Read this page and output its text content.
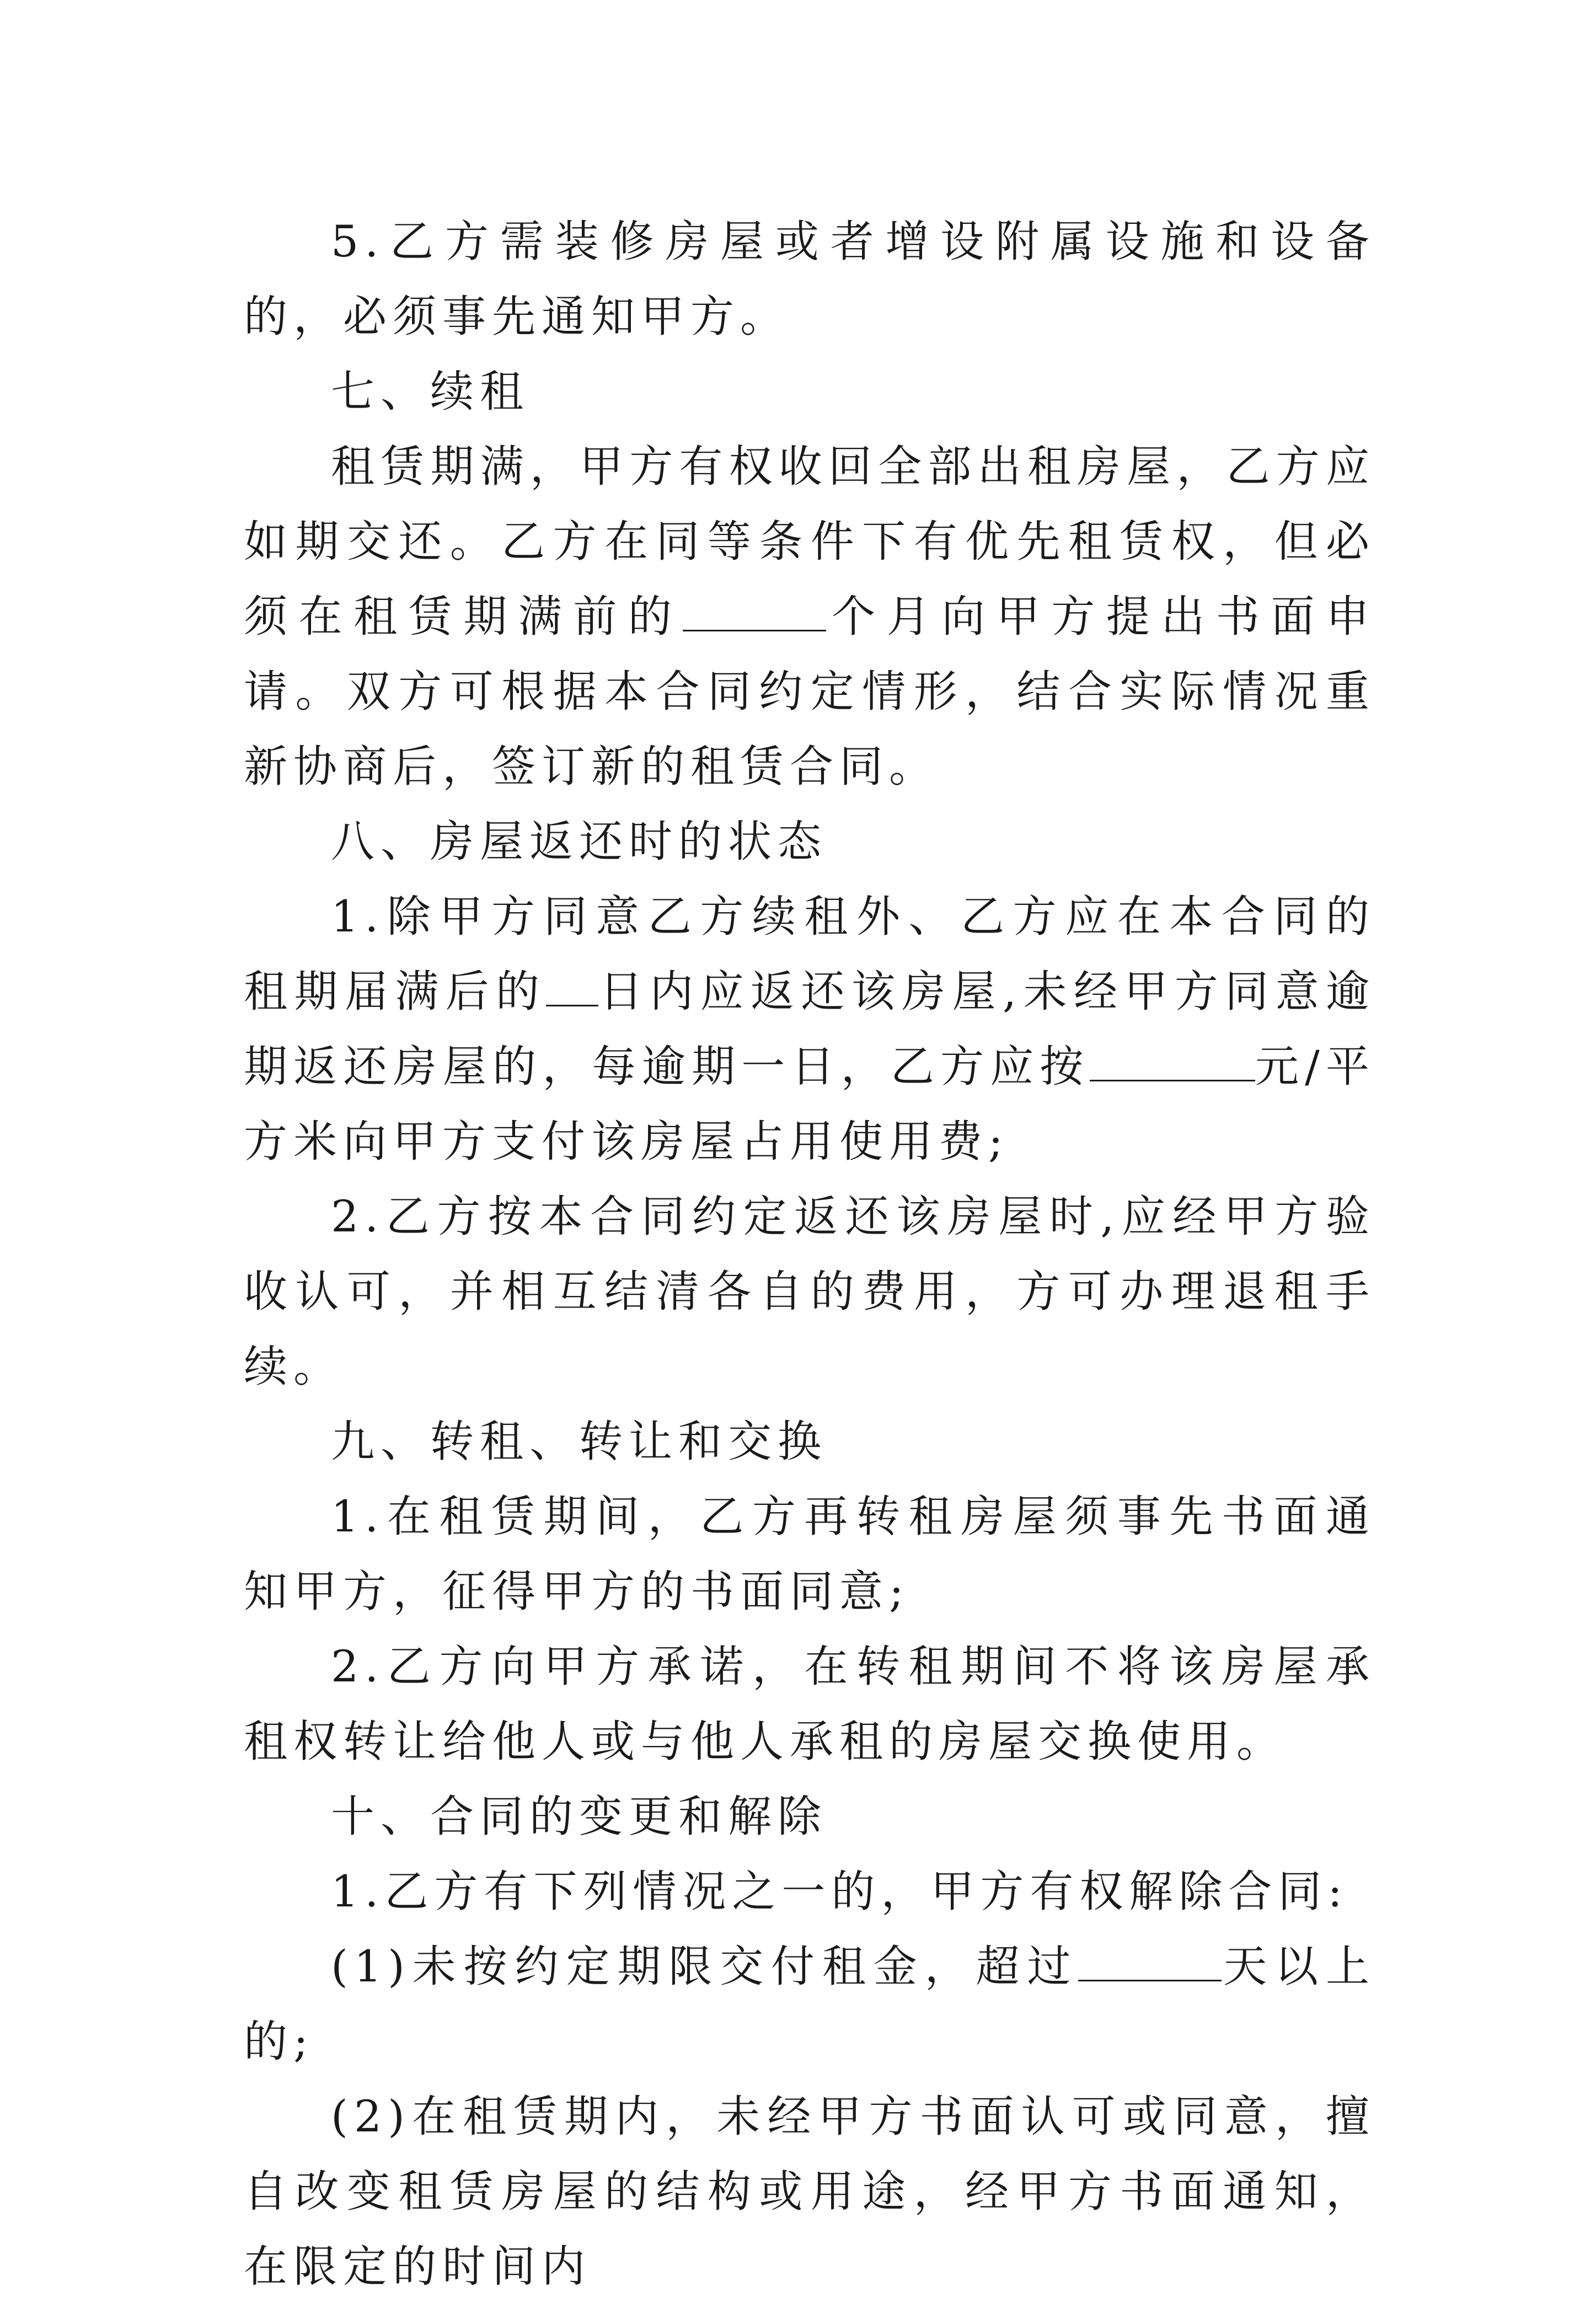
5.乙方需装修房屋或者增设附属设施和设备的，必须事先通知甲方。

七、续租

租赁期满，甲方有权收回全部出租房屋，乙方应如期交还。乙方在同等条件下有优先租赁权，但必须在租赁期满前的	个月向甲方提出书面申请。双方可根据本合同约定情形，结合实际情况重新协商后，签订新的租赁合同。

八、房屋返还时的状态

1.除甲方同意乙方续租外、乙方应在本合同的租期届满后的 日内应返还该房屋,未经甲方同意逾期返还房屋的，每逾期一日，乙方应按	元/平方米向甲方支付该房屋占用使用费;

2.乙方按本合同约定返还该房屋时,应经甲方验收认可，并相互结清各自的费用，方可办理退租手续。

九、转租、转让和交换

1.在租赁期间，乙方再转租房屋须事先书面通知甲方，征得甲方的书面同意;

2.乙方向甲方承诺，在转租期间不将该房屋承租权转让给他人或与他人承租的房屋交换使用。

十、合同的变更和解除

1.乙方有下列情况之一的，甲方有权解除合同:

(1)未按约定期限交付租金，超过	天以上的;

(2)在租赁期内，未经甲方书面认可或同意，擅自改变租赁房屋的结构或用途，经甲方书面通知，在限定的时间内
